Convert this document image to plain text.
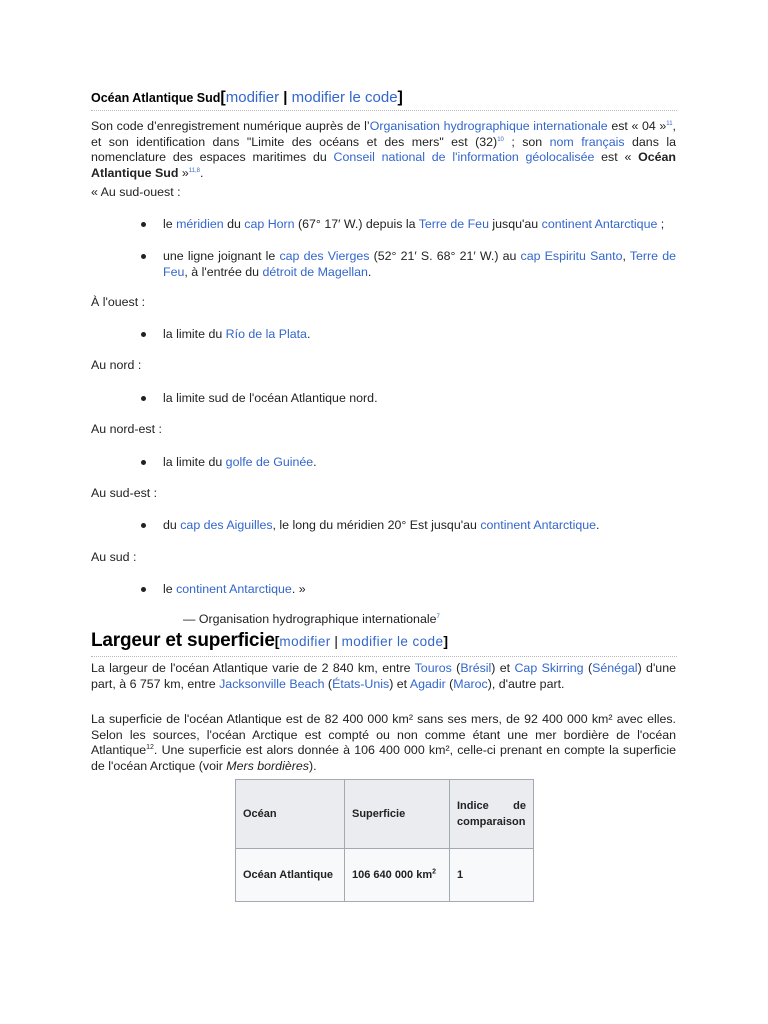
Océan Atlantique Sud[modifier | modifier le code]

Son code d’enregistrement numérique auprès de l’Organisation hydrographique internationale est « 04 »$^{11}$, et son identification dans "Limite des océans et des mers" est (32)$^{10}$ ; son nom français dans la nomenclature des espaces maritimes du Conseil national de l'information géolocalisée est « Océan Atlantique Sud »$^{11,8}$.

« Au sud-ouest :

le méridien du cap Horn (67° 17′ W.) depuis la Terre de Feu jusqu'au continent Antarctique ;

une ligne joignant le cap des Vierges (52° 21′ S. 68° 21′ W.) au cap Espiritu Santo, Terre de Feu, à l'entrée du détroit de Magellan.

À l'ouest :

la limite du Río de la Plata.

Au nord :

la limite sud de l'océan Atlantique nord.

Au nord-est :

la limite du golfe de Guinée.

Au sud-est :

du cap des Aiguilles, le long du méridien 20° Est jusqu'au continent Antarctique.

Au sud :

le continent Antarctique. »

— Organisation hydrographique internationale$^7$
Largeur et superficie[modifier | modifier le code]

La largeur de l'océan Atlantique varie de 2 840 km, entre Touros (Brésil) et Cap Skirring (Sénégal) d'une part, à 6 757 km, entre Jacksonville Beach (États-Unis) et Agadir (Maroc), d'autre part.

La superficie de l'océan Atlantique est de 82 400 000 km² sans ses mers, de 92 400 000 km² avec elles. Selon les sources, l'océan Arctique est compté ou non comme étant une mer bordière de l'océan Atlantique$^{12}$. Une superficie est alors donnée à 106 400 000 km², celle-ci prenant en compte la superficie de l'océan Arctique (voir Mers bordières).

Océan	Superficie	Indice de comparaison
Océan Atlantique	106 640 000 $km^2$	1
